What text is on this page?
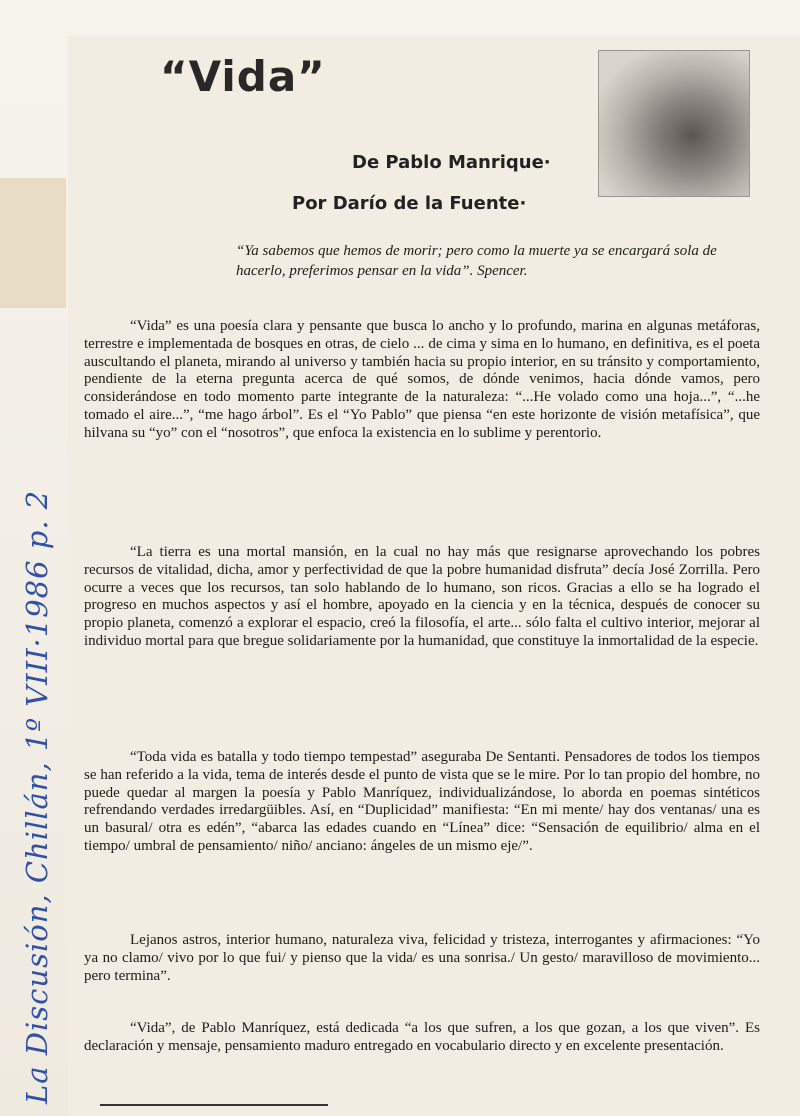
“Vida”
De Pablo Manrique·
Por Darío de la Fuente·
“Ya sabemos que hemos de morir; pero como la muerte ya se encargará sola de hacerlo, preferimos pensar en la vida”. Spencer.

“Vida” es una poesía clara y pensante que busca lo ancho y lo profundo, marina en algunas metáforas, terrestre e implementada de bosques en otras, de cielo ... de cima y sima en lo humano, en definitiva, es el poeta auscultando el planeta, mirando al universo y también hacia su propio interior, en su tránsito y comportamiento, pendiente de la eterna pregunta acerca de qué somos, de dónde venimos, hacia dónde vamos, pero considerándose en todo momento parte integrante de la naturaleza: “...He volado como una hoja...”, “...he tomado el aire...”, “me hago árbol”. Es el “Yo Pablo” que piensa “en este horizonte de visión metafísica”, que hilvana su “yo” con el “nosotros”, que enfoca la existencia en lo sublime y perentorio.

“La tierra es una mortal mansión, en la cual no hay más que resignarse aprovechando los pobres recursos de vitalidad, dicha, amor y perfectividad de que la pobre humanidad disfruta” decía José Zorrilla. Pero ocurre a veces que los recursos, tan solo hablando de lo humano, son ricos. Gracias a ello se ha logrado el progreso en muchos aspectos y así el hombre, apoyado en la ciencia y en la técnica, después de conocer su propio planeta, comenzó a explorar el espacio, creó la filosofía, el arte... sólo falta el cultivo interior, mejorar al individuo mortal para que bregue solidariamente por la humanidad, que constituye la inmortalidad de la especie.

“Toda vida es batalla y todo tiempo tempestad” aseguraba De Sentanti. Pensadores de todos los tiempos se han referido a la vida, tema de interés desde el punto de vista que se le mire. Por lo tan propio del hombre, no puede quedar al margen la poesía y Pablo Manríquez, individualizándose, lo aborda en poemas sintéticos refrendando verdades irredargüibles. Así, en “Duplicidad” manifiesta: “En mi mente/ hay dos ventanas/ una es un basural/ otra es edén”, “abarca las edades cuando en “Línea” dice: “Sensación de equilibrio/ alma en el tiempo/ umbral de pensamiento/ niño/ anciano: ángeles de un mismo eje/”.

Lejanos astros, interior humano, naturaleza viva, felicidad y tristeza, interrogantes y afirmaciones: “Yo ya no clamo/ vivo por lo que fui/ y pienso que la vida/ es una sonrisa./ Un gesto/ maravilloso de movimiento... pero termina”.

“Vida”, de Pablo Manríquez, está dedicada “a los que sufren, a los que gozan, a los que viven”. Es declaración y mensaje, pensamiento maduro entregado en vocabulario directo y en excelente presentación.

La Discusión, Chillán, 1º VIII·1986 p. 2
